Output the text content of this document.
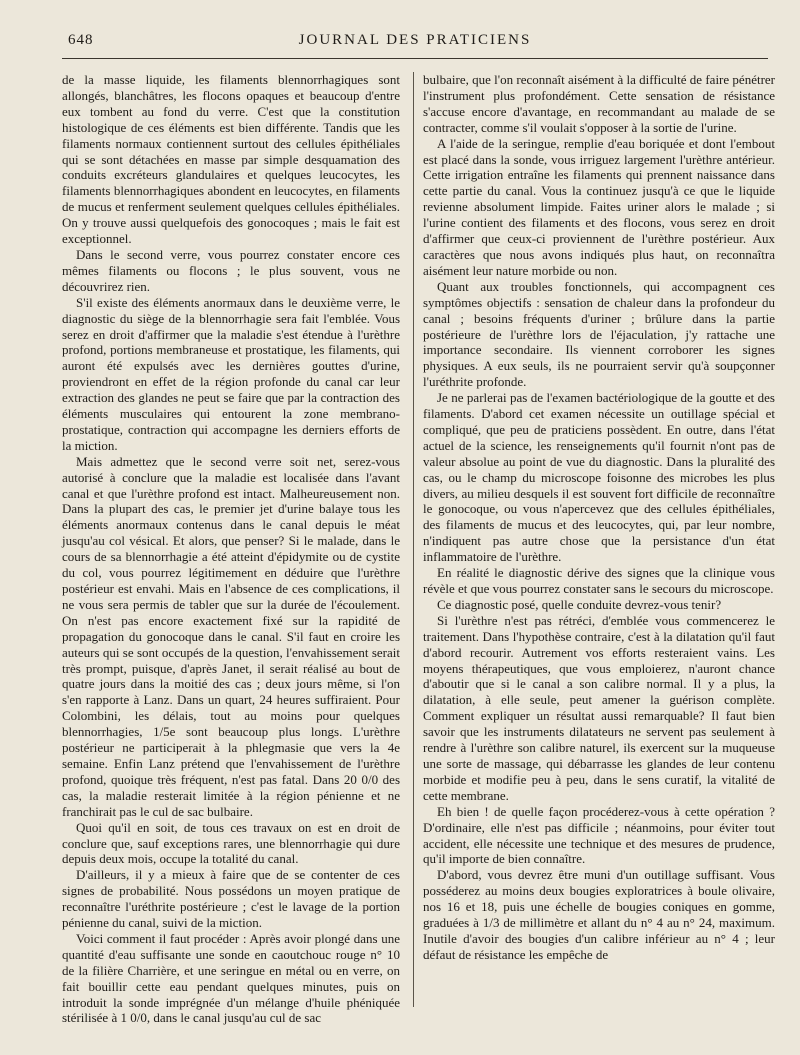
648	JOURNAL DES PRATICIENS

de la masse liquide, les filaments blennorrhagiques sont allongés, blanchâtres, les flocons opaques et beaucoup d'entre eux tombent au fond du verre. C'est que la constitution histologique de ces éléments est bien différente. Tandis que les filaments normaux contiennent surtout des cellules épithéliales qui se sont détachées en masse par simple desquamation des conduits excréteurs glandulaires et quelques leucocytes, les filaments blennorrhagiques abondent en leucocytes, en filaments de mucus et renferment seulement quelques cellules épithéliales. On y trouve aussi quelquefois des gonocoques ; mais le fait est exceptionnel.

Dans le second verre, vous pourrez constater encore ces mêmes filaments ou flocons ; le plus souvent, vous ne découvrirez rien.

S'il existe des éléments anormaux dans le deuxième verre, le diagnostic du siège de la blennorrhagie sera fait l'emblée. Vous serez en droit d'affirmer que la maladie s'est étendue à l'urèthre profond, portions membraneuse et prostatique, les filaments, qui auront été expulsés avec les dernières gouttes d'urine, proviendront en effet de la région profonde du canal car leur extraction des glandes ne peut se faire que par la contraction des éléments musculaires qui entourent la zone membrano-prostatique, contraction qui accompagne les derniers efforts de la miction.

Mais admettez que le second verre soit net, serez-vous autorisé à conclure que la maladie est localisée dans l'avant canal et que l'urèthre profond est intact. Malheureusement non. Dans la plupart des cas, le premier jet d'urine balaye tous les éléments anormaux contenus dans le canal depuis le méat jusqu'au col vésical. Et alors, que penser? Si le malade, dans le cours de sa blennorrhagie a été atteint d'épidymite ou de cystite du col, vous pourrez légitimement en déduire que l'urèthre postérieur est envahi. Mais en l'absence de ces complications, il ne vous sera permis de tabler que sur la durée de l'écoulement. On n'est pas encore exactement fixé sur la rapidité de propagation du gonocoque dans le canal. S'il faut en croire les auteurs qui se sont occupés de la question, l'envahissement serait très prompt, puisque, d'après Janet, il serait réalisé au bout de quatre jours dans la moitié des cas ; deux jours même, si l'on s'en rapporte à Lanz. Dans un quart, 24 heures suffiraient. Pour Colombini, les délais, tout au moins pour quelques blennorrhagies, 1/5e sont beaucoup plus longs. L'urèthre postérieur ne participerait à la phlegmasie que vers la 4e semaine. Enfin Lanz prétend que l'envahissement de l'urèthre profond, quoique très fréquent, n'est pas fatal. Dans 20 0/0 des cas, la maladie resterait limitée à la région pénienne et ne franchirait pas le cul de sac bulbaire.

Quoi qu'il en soit, de tous ces travaux on est en droit de conclure que, sauf exceptions rares, une blennorrhagie qui dure depuis deux mois, occupe la totalité du canal.

D'ailleurs, il y a mieux à faire que de se contenter de ces signes de probabilité. Nous possédons un moyen pratique de reconnaître l'uréthrite postérieure ; c'est le lavage de la portion pénienne du canal, suivi de la miction.

Voici comment il faut procéder : Après avoir plongé dans une quantité d'eau suffisante une sonde en caoutchouc rouge n° 10 de la filière Charrière, et une seringue en métal ou en verre, on fait bouillir cette eau pendant quelques minutes, puis on introduit la sonde imprégnée d'un mélange d'huile phéniquée stérilisée à 1 0/0, dans le canal jusqu'au cul de sac

bulbaire, que l'on reconnaît aisément à la difficulté de faire pénétrer l'instrument plus profondément. Cette sensation de résistance s'accuse encore d'avantage, en recommandant au malade de se contracter, comme s'il voulait s'opposer à la sortie de l'urine.

A l'aide de la seringue, remplie d'eau boriquée et dont l'embout est placé dans la sonde, vous irriguez largement l'urèthre antérieur. Cette irrigation entraîne les filaments qui prennent naissance dans cette partie du canal. Vous la continuez jusqu'à ce que le liquide revienne absolument limpide. Faites uriner alors le malade ; si l'urine contient des filaments et des flocons, vous serez en droit d'affirmer que ceux-ci proviennent de l'urèthre postérieur. Aux caractères que nous avons indiqués plus haut, on reconnaîtra aisément leur nature morbide ou non.

Quant aux troubles fonctionnels, qui accompagnent ces symptômes objectifs : sensation de chaleur dans la profondeur du canal ; besoins fréquents d'uriner ; brûlure dans la partie postérieure de l'urèthre lors de l'éjaculation, j'y rattache une importance secondaire. Ils viennent corroborer les signes physiques. A eux seuls, ils ne pourraient servir qu'à soupçonner l'uréthrite profonde.

Je ne parlerai pas de l'examen bactériologique de la goutte et des filaments. D'abord cet examen nécessite un outillage spécial et compliqué, que peu de praticiens possèdent. En outre, dans l'état actuel de la science, les renseignements qu'il fournit n'ont pas de valeur absolue au point de vue du diagnostic. Dans la pluralité des cas, ou le champ du microscope foisonne des microbes les plus divers, au milieu desquels il est souvent fort difficile de reconnaître le gonocoque, ou vous n'apercevez que des cellules épithéliales, des filaments de mucus et des leucocytes, qui, par leur nombre, n'indiquent pas autre chose que la persistance d'un état inflammatoire de l'urèthre.

En réalité le diagnostic dérive des signes que la clinique vous révèle et que vous pourrez constater sans le secours du microscope.

Ce diagnostic posé, quelle conduite devrez-vous tenir?

Si l'urèthre n'est pas rétréci, d'emblée vous commencerez le traitement. Dans l'hypothèse contraire, c'est à la dilatation qu'il faut d'abord recourir. Autrement vos efforts resteraient vains. Les moyens thérapeutiques, que vous emploierez, n'auront chance d'aboutir que si le canal a son calibre normal. Il y a plus, la dilatation, à elle seule, peut amener la guérison complète. Comment expliquer un résultat aussi remarquable? Il faut bien savoir que les instruments dilatateurs ne servent pas seulement à rendre à l'urèthre son calibre naturel, ils exercent sur la muqueuse une sorte de massage, qui débarrasse les glandes de leur contenu morbide et modifie peu à peu, dans le sens curatif, la vitalité de cette membrane.

Eh bien ! de quelle façon procéderez-vous à cette opération ? D'ordinaire, elle n'est pas difficile ; néanmoins, pour éviter tout accident, elle nécessite une technique et des mesures de prudence, qu'il importe de bien connaître.

D'abord, vous devrez être muni d'un outillage suffisant. Vous posséderez au moins deux bougies exploratrices à boule olivaire, nos 16 et 18, puis une échelle de bougies coniques en gomme, graduées à 1/3 de millimètre et allant du n° 4 au n° 24, maximum. Inutile d'avoir des bougies d'un calibre inférieur au n° 4 ; leur défaut de résistance les empêche de
